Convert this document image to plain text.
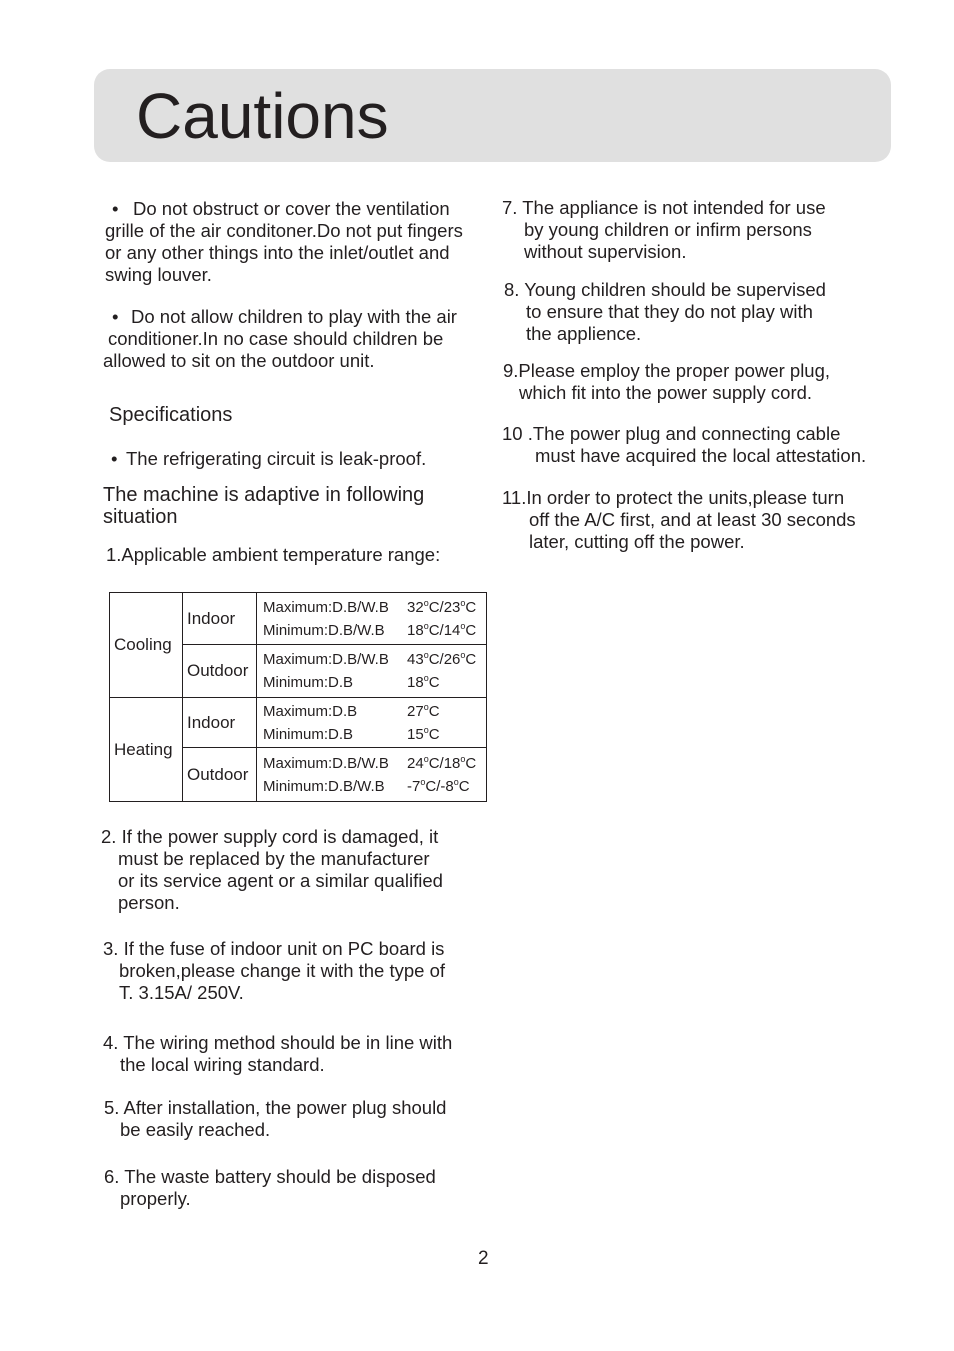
Cautions
• Do not obstruct or cover the ventilation
grille of the air conditoner.Do not put fingers
or any other things into the inlet/outlet and
swing louver.
• Do not allow children to play with the air
conditioner.In no case should children be
allowed to sit on the outdoor unit.
Specifications
• The refrigerating circuit is leak-proof.
The machine is adaptive in following
situation
1.Applicable ambient temperature range:
Cooling	Indoor	Maximum:D.B/W.B 32$^o$C/23$^o$C
Minimum:D.B/W.B 18$^o$C/14$^o$C

	Outdoor	Maximum:D.B/W.B 43$^o$C/26$^o$C
Minimum:D.B 18$^o$C

Heating	Indoor	Maximum:D.B 27$^o$C
Minimum:D.B 15$^o$C

	Outdoor	Maximum:D.B/W.B 24$^o$C/18$^o$C
Minimum:D.B/W.B -7$^o$C/-8$^o$C
2. If the power supply cord is damaged, it
must be replaced by the manufacturer
or its service agent or a similar qualified
person.
3. If the fuse of indoor unit on PC board is
broken,please change it with the type of
T. 3.15A/ 250V.
4. The wiring method should be in line with
the local wiring standard.
5. After installation, the power plug should
be easily reached.
6. The waste battery should be disposed
properly.
7. The appliance is not intended for use
by young children or infirm persons
without supervision.
8. Young children should be supervised
to ensure that they do not play with
the applience.
9.Please employ the proper power plug,
which fit into the power supply cord.
10 .The power plug and connecting cable
must have acquired the local attestation.
11.In order to protect the units,please turn
off the A/C first, and at least 30 seconds
later, cutting off the power.
2
